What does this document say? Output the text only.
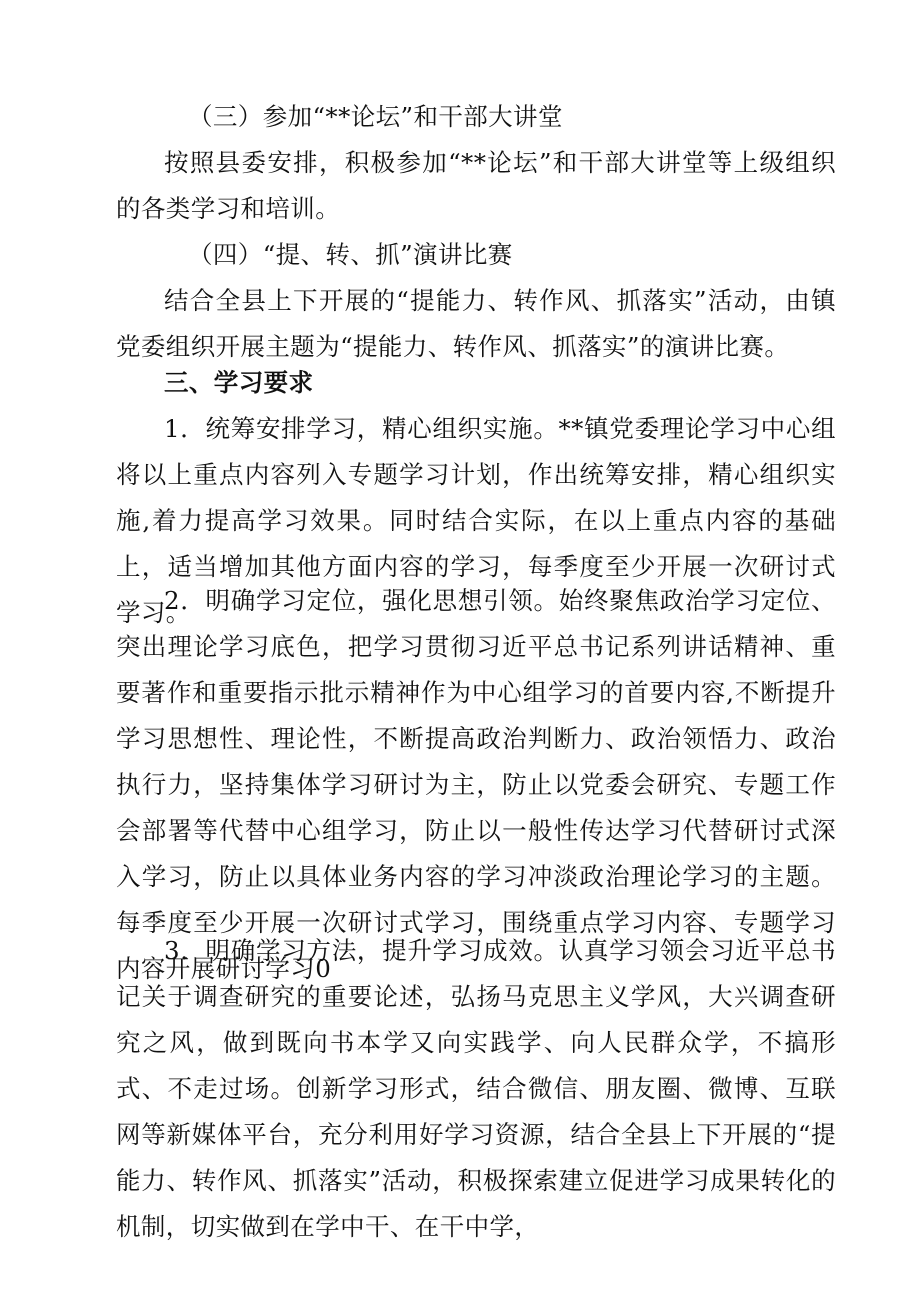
（三）参加“**论坛”和干部大讲堂

按照县委安排，积极参加“**论坛”和干部大讲堂等上级组织的各类学习和培训。

（四）“提、转、抓”演讲比赛

结合全县上下开展的“提能力、转作风、抓落实”活动，由镇党委组织开展主题为“提能力、转作风、抓落实”的演讲比赛。

三、学习要求

1．统筹安排学习，精心组织实施。**镇党委理论学习中心组将以上重点内容列入专题学习计划，作出统筹安排，精心组织实施,着力提高学习效果。同时结合实际，在以上重点内容的基础上，适当增加其他方面内容的学习，每季度至少开展一次研讨式学习。

2．明确学习定位，强化思想引领。始终聚焦政治学习定位、突出理论学习底色，把学习贯彻习近平总书记系列讲话精神、重要著作和重要指示批示精神作为中心组学习的首要内容,不断提升学习思想性、理论性，不断提高政治判断力、政治领悟力、政治执行力，坚持集体学习研讨为主，防止以党委会研究、专题工作会部署等代替中心组学习，防止以一般性传达学习代替研讨式深入学习，防止以具体业务内容的学习冲淡政治理论学习的主题。每季度至少开展一次研讨式学习，围绕重点学习内容、专题学习内容开展研讨学习0

3．明确学习方法，提升学习成效。认真学习领会习近平总书记关于调查研究的重要论述，弘扬马克思主义学风，大兴调查研究之风，做到既向书本学又向实践学、向人民群众学，不搞形式、不走过场。创新学习形式，结合微信、朋友圈、微博、互联网等新媒体平台，充分利用好学习资源，结合全县上下开展的“提能力、转作风、抓落实”活动，积极探索建立促进学习成果转化的机制，切实做到在学中干、在干中学，
